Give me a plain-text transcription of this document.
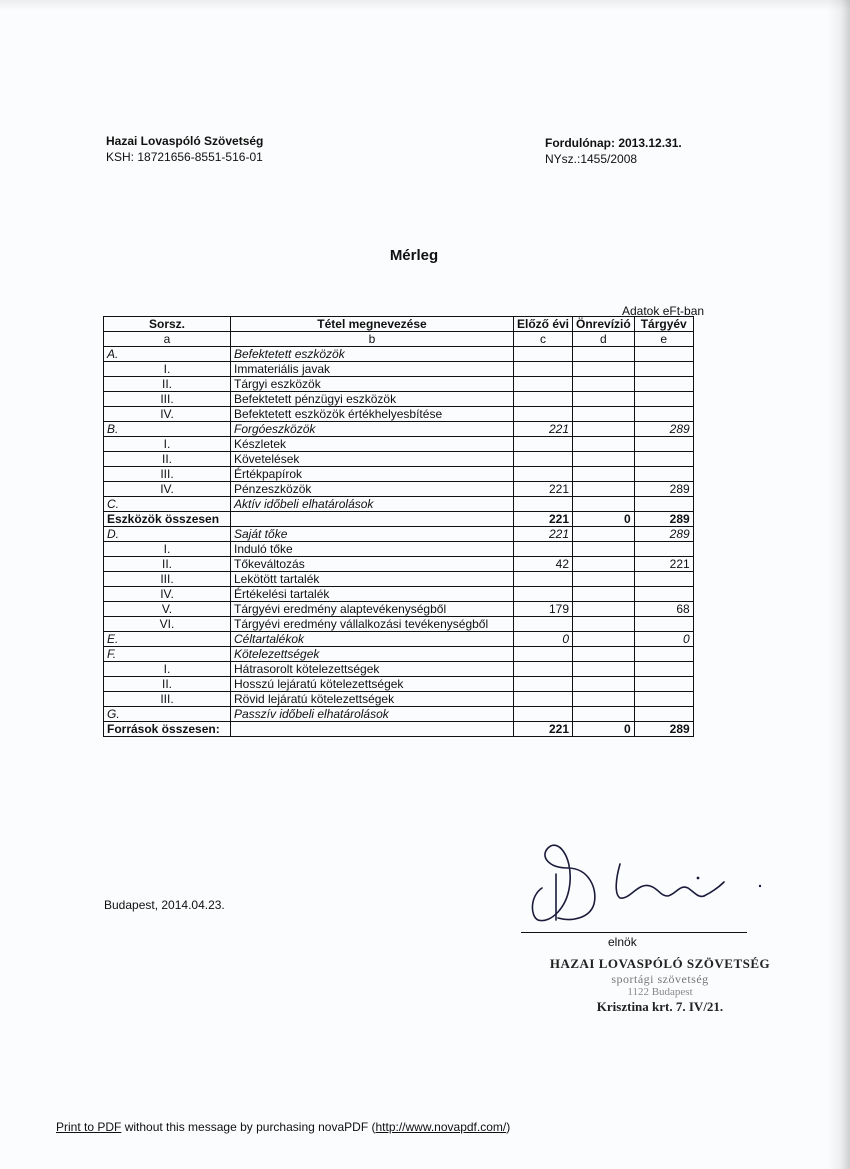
Hazai Lovaspóló Szövetség
KSH: 18721656-8551-516-01
Fordulónap: 2013.12.31.
NYsz.:1455/2008
Mérleg
Adatok eFt-ban
Sorsz.	Tétel megnevezése	Előző évi	Önrevízió	Tárgyév
a	b	c	d	e
A.	Befektetett eszközök			
I.	Immateriális javak			
II.	Tárgyi eszközök			
III.	Befektetett pénzügyi eszközök			
IV.	Befektetett eszközök értékhelyesbítése			
B.	Forgóeszközök	221		289
I.	Készletek			
II.	Követelések			
III.	Értékpapírok			
IV.	Pénzeszközök	221		289
C.	Aktív időbeli elhatárolások			
Eszközök összesen		221	0	289
D.	Saját tőke	221		289
I.	Induló tőke			
II.	Tőkeváltozás	42		221
III.	Lekötött tartalék			
IV.	Értékelési tartalék			
V.	Tárgyévi eredmény alaptevékenységből	179		68
VI.	Tárgyévi eredmény vállalkozási tevékenységből			
E.	Céltartalékok	0		0
F.	Kötelezettségek			
I.	Hátrasorolt kötelezettségek			
II.	Hosszú lejáratú kötelezettségek			
III.	Rövid lejáratú kötelezettségek			
G.	Passzív időbeli elhatárolások			
Források összesen:		221	0	289
Budapest, 2014.04.23.
elnök
HAZAI LOVASPÓLÓ SZÖVETSÉG
sportági szövetség
1122 Budapest
Krisztina krt. 7. IV/21.
Print to PDF without this message by purchasing novaPDF (http://www.novapdf.com/)
